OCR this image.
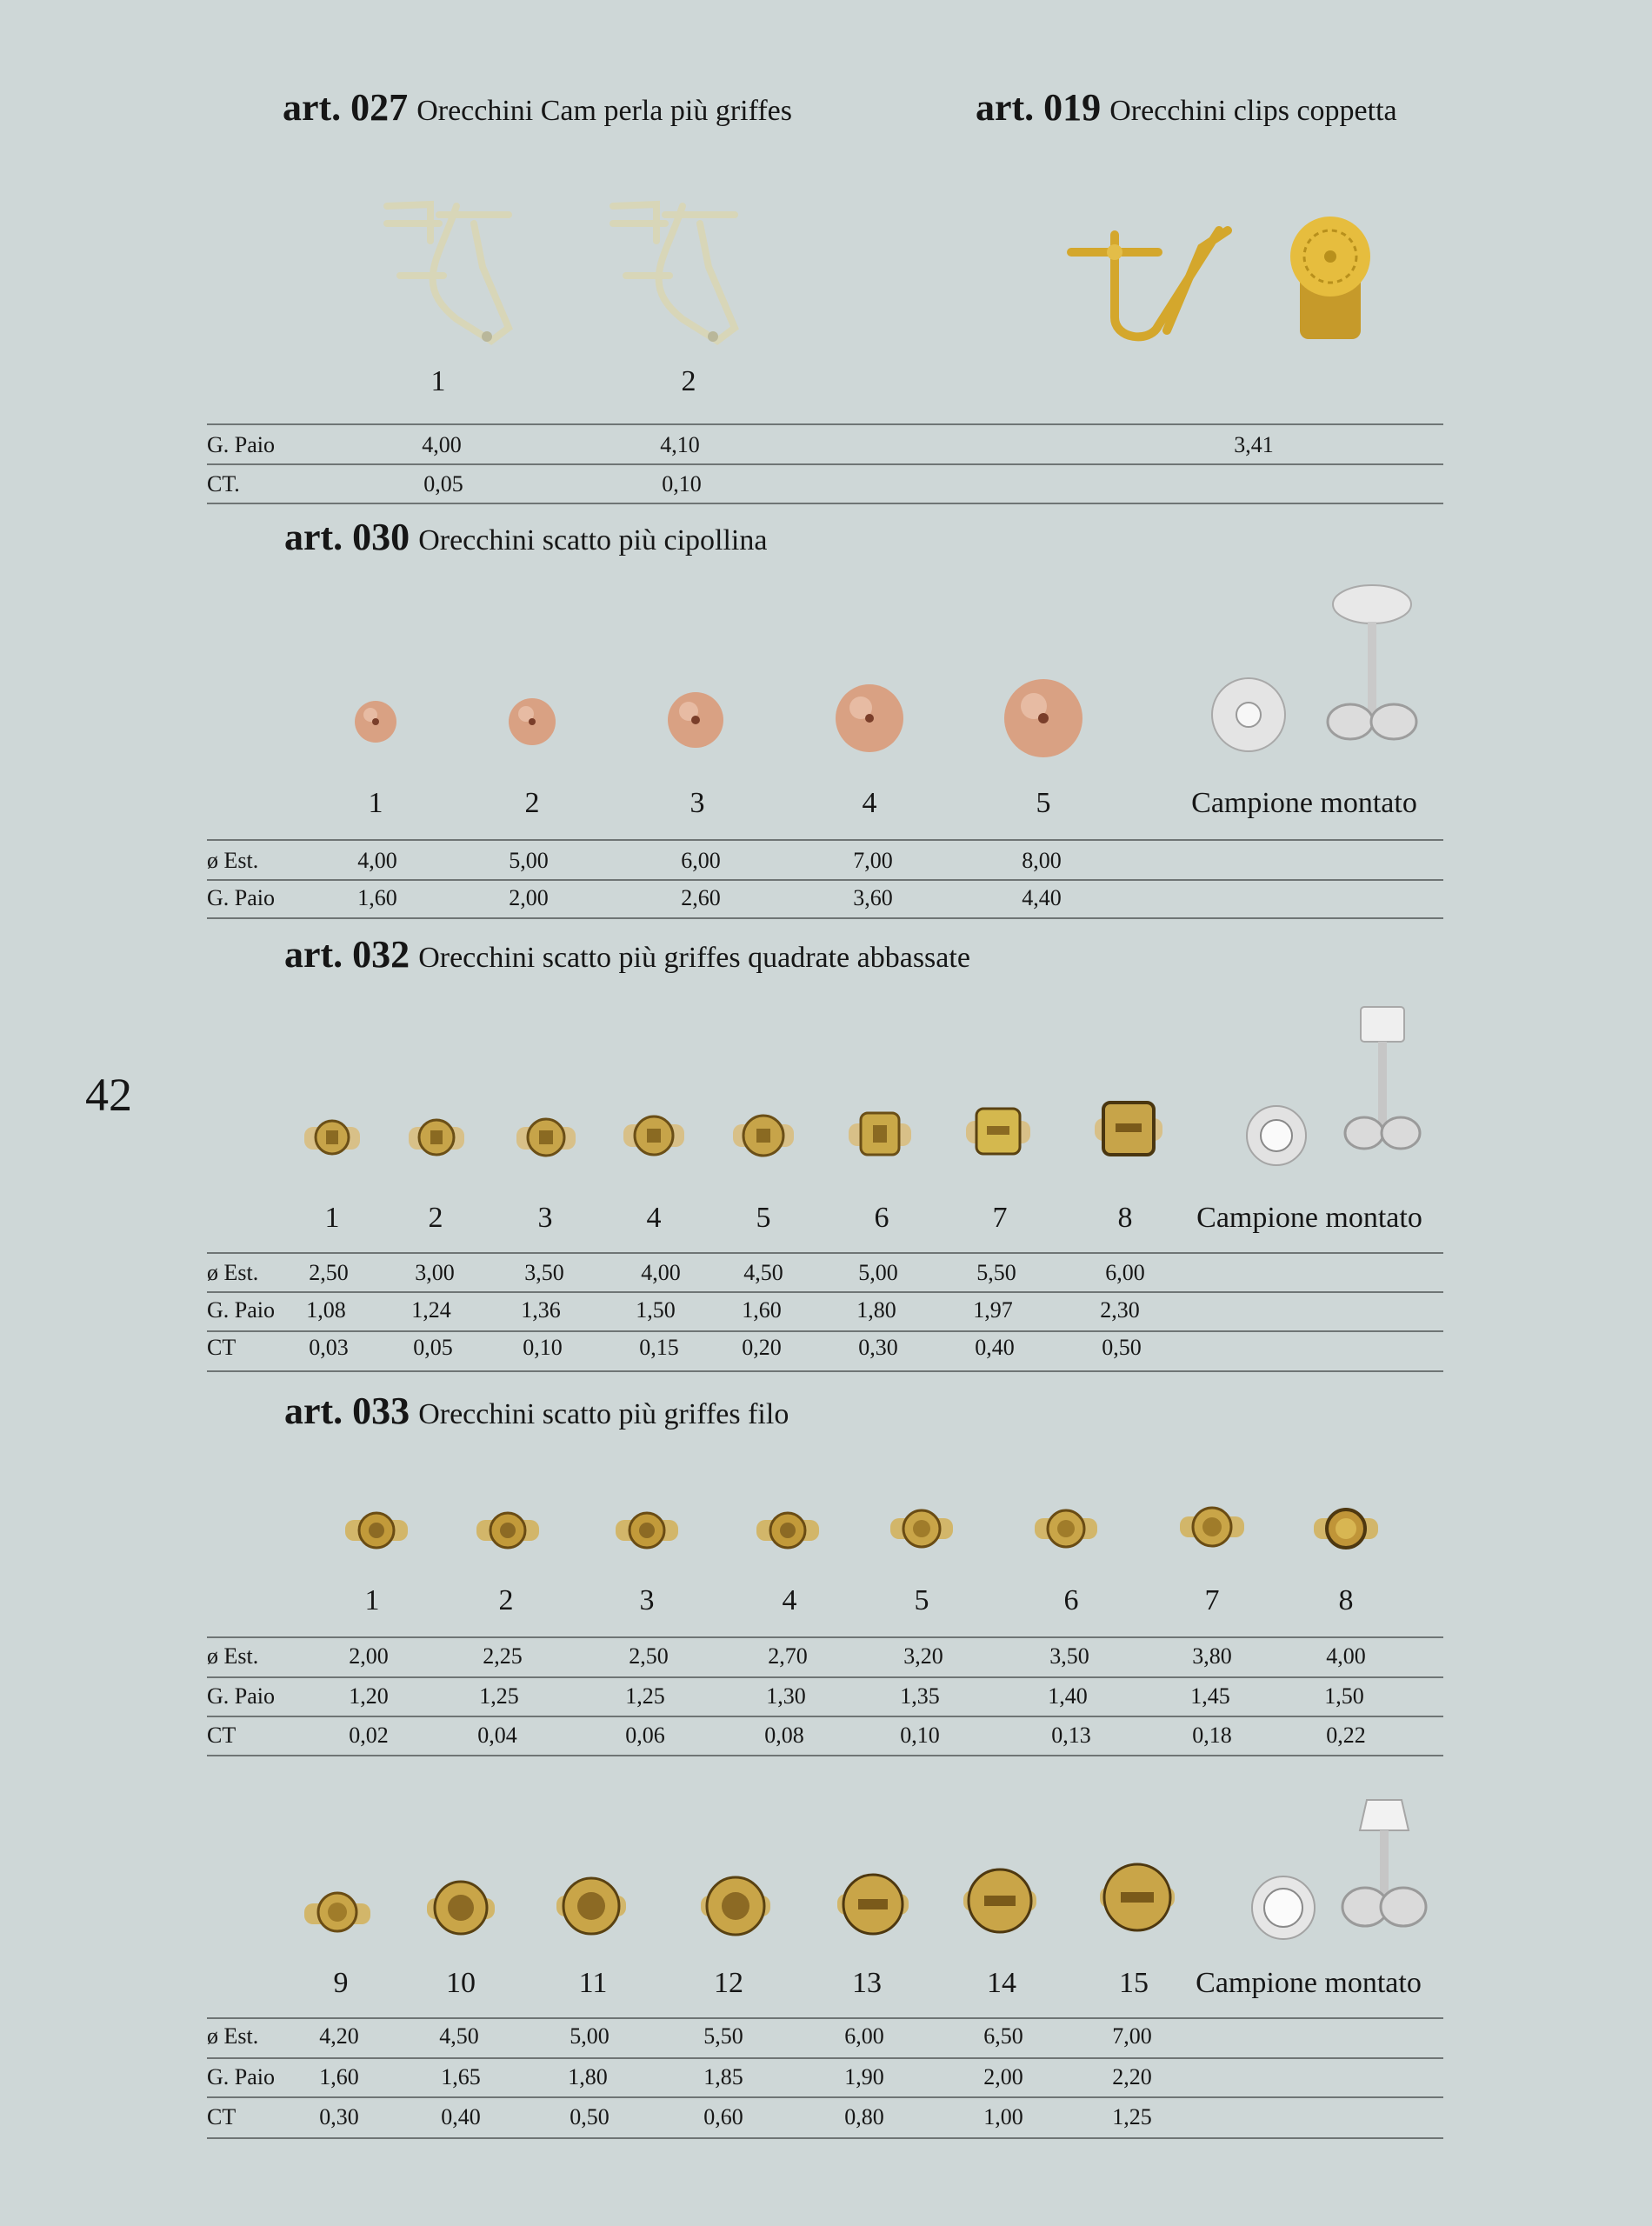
42
art. 027 Orecchini Cam perla più griffes
1	2
art. 019 Orecchini clips coppetta
G. Paio	4,00	4,10	3,41
CT.	0,05	0,10
art. 030 Orecchini scatto più cipollina
1	2	3	4	5	Campione montato
ø Est.	4,00	5,00	6,00	7,00	8,00
G. Paio	1,60	2,00	2,60	3,60	4,40
art. 032 Orecchini scatto più griffes quadrate abbassate
1	2	3	4	5	6	7	8	Campione montato
ø Est. 2,50	3,00	3,50	4,00	4,50	5,00	5,50	6,00
G. Paio 1,08	1,24	1,36	1,50	1,60	1,80	1,97	2,30
CT	0,03	0,05	0,10	0,15	0,20	0,30	0,40	0,50
art. 033 Orecchini scatto più griffes filo
1	2	3	4	5	6	7	8
ø Est.	2,00	2,25	2,50	2,70	3,20	3,50	3,80	4,00
G. Paio	1,20	1,25	1,25	1,30	1,35	1,40	1,45	1,50
CT	0,02	0,04	0,06	0,08	0,10	0,13	0,18	0,22
9	10	11	12	13	14	15	Campione montato
ø Est.	4,20	4,50	5,00	5,50	6,00	6,50	7,00
G. Paio 1,60	1,65	1,80	1,85	1,90	2,00	2,20
CT	0,30	0,40	0,50	0,60	0,80	1,00	1,25
